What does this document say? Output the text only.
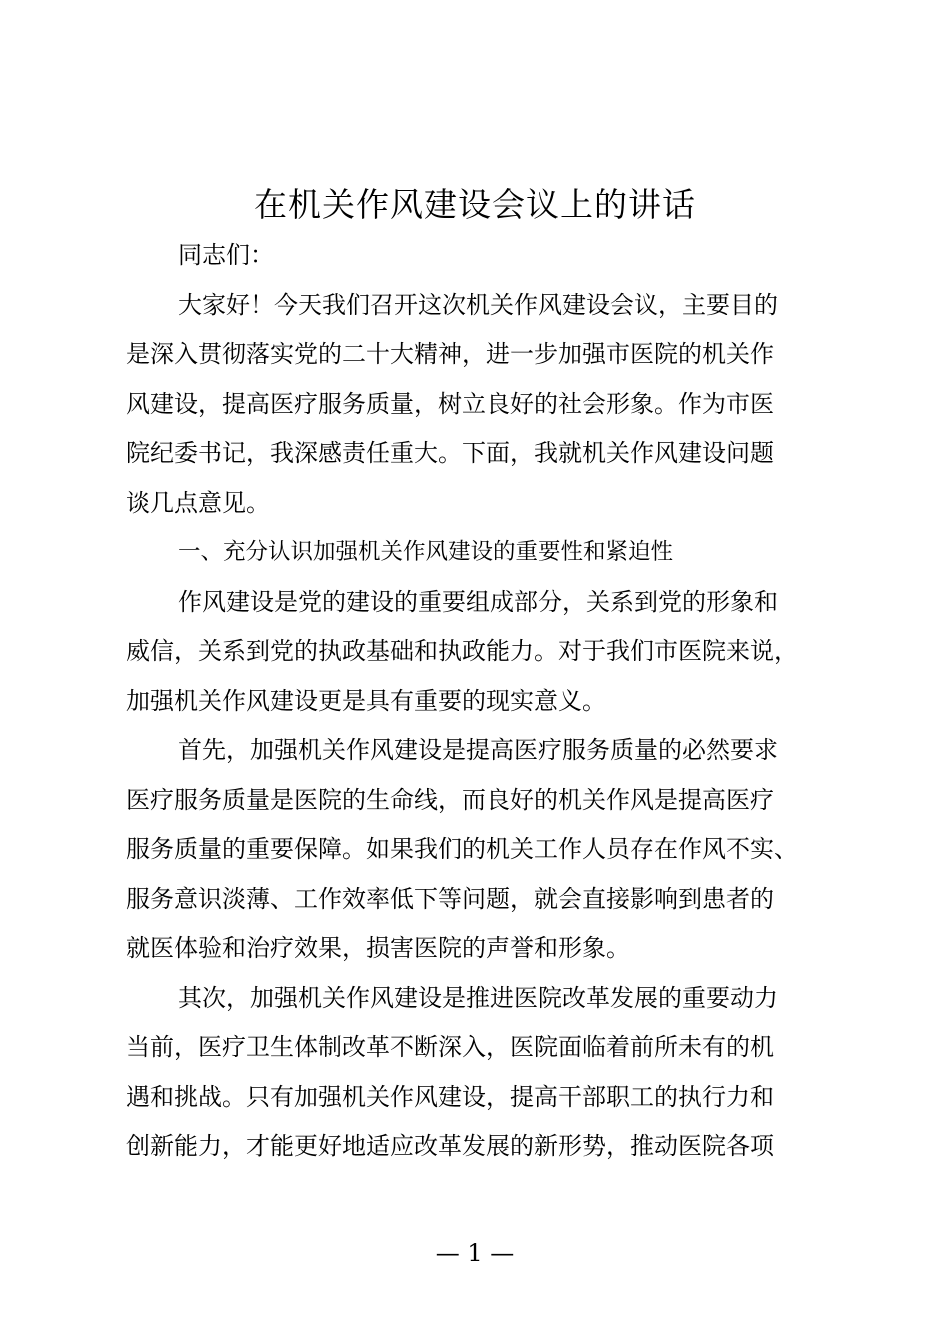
在机关作风建设会议上的讲话

同志们：

大家好！今天我们召开这次机关作风建设会议，主要目的
是深入贯彻落实党的二十大精神，进一步加强市医院的机关作
风建设，提高医疗服务质量，树立良好的社会形象。作为市医
院纪委书记，我深感责任重大。下面，我就机关作风建设问题
谈几点意见。

一、充分认识加强机关作风建设的重要性和紧迫性

作风建设是党的建设的重要组成部分，关系到党的形象和
威信，关系到党的执政基础和执政能力。对于我们市医院来说，
加强机关作风建设更是具有重要的现实意义。

首先，加强机关作风建设是提高医疗服务质量的必然要求
医疗服务质量是医院的生命线，而良好的机关作风是提高医疗
服务质量的重要保障。如果我们的机关工作人员存在作风不实、
服务意识淡薄、工作效率低下等问题，就会直接影响到患者的
就医体验和治疗效果，损害医院的声誉和形象。

其次，加强机关作风建设是推进医院改革发展的重要动力
当前，医疗卫生体制改革不断深入，医院面临着前所未有的机
遇和挑战。只有加强机关作风建设，提高干部职工的执行力和
创新能力，才能更好地适应改革发展的新形势，推动医院各项

— 1 —
